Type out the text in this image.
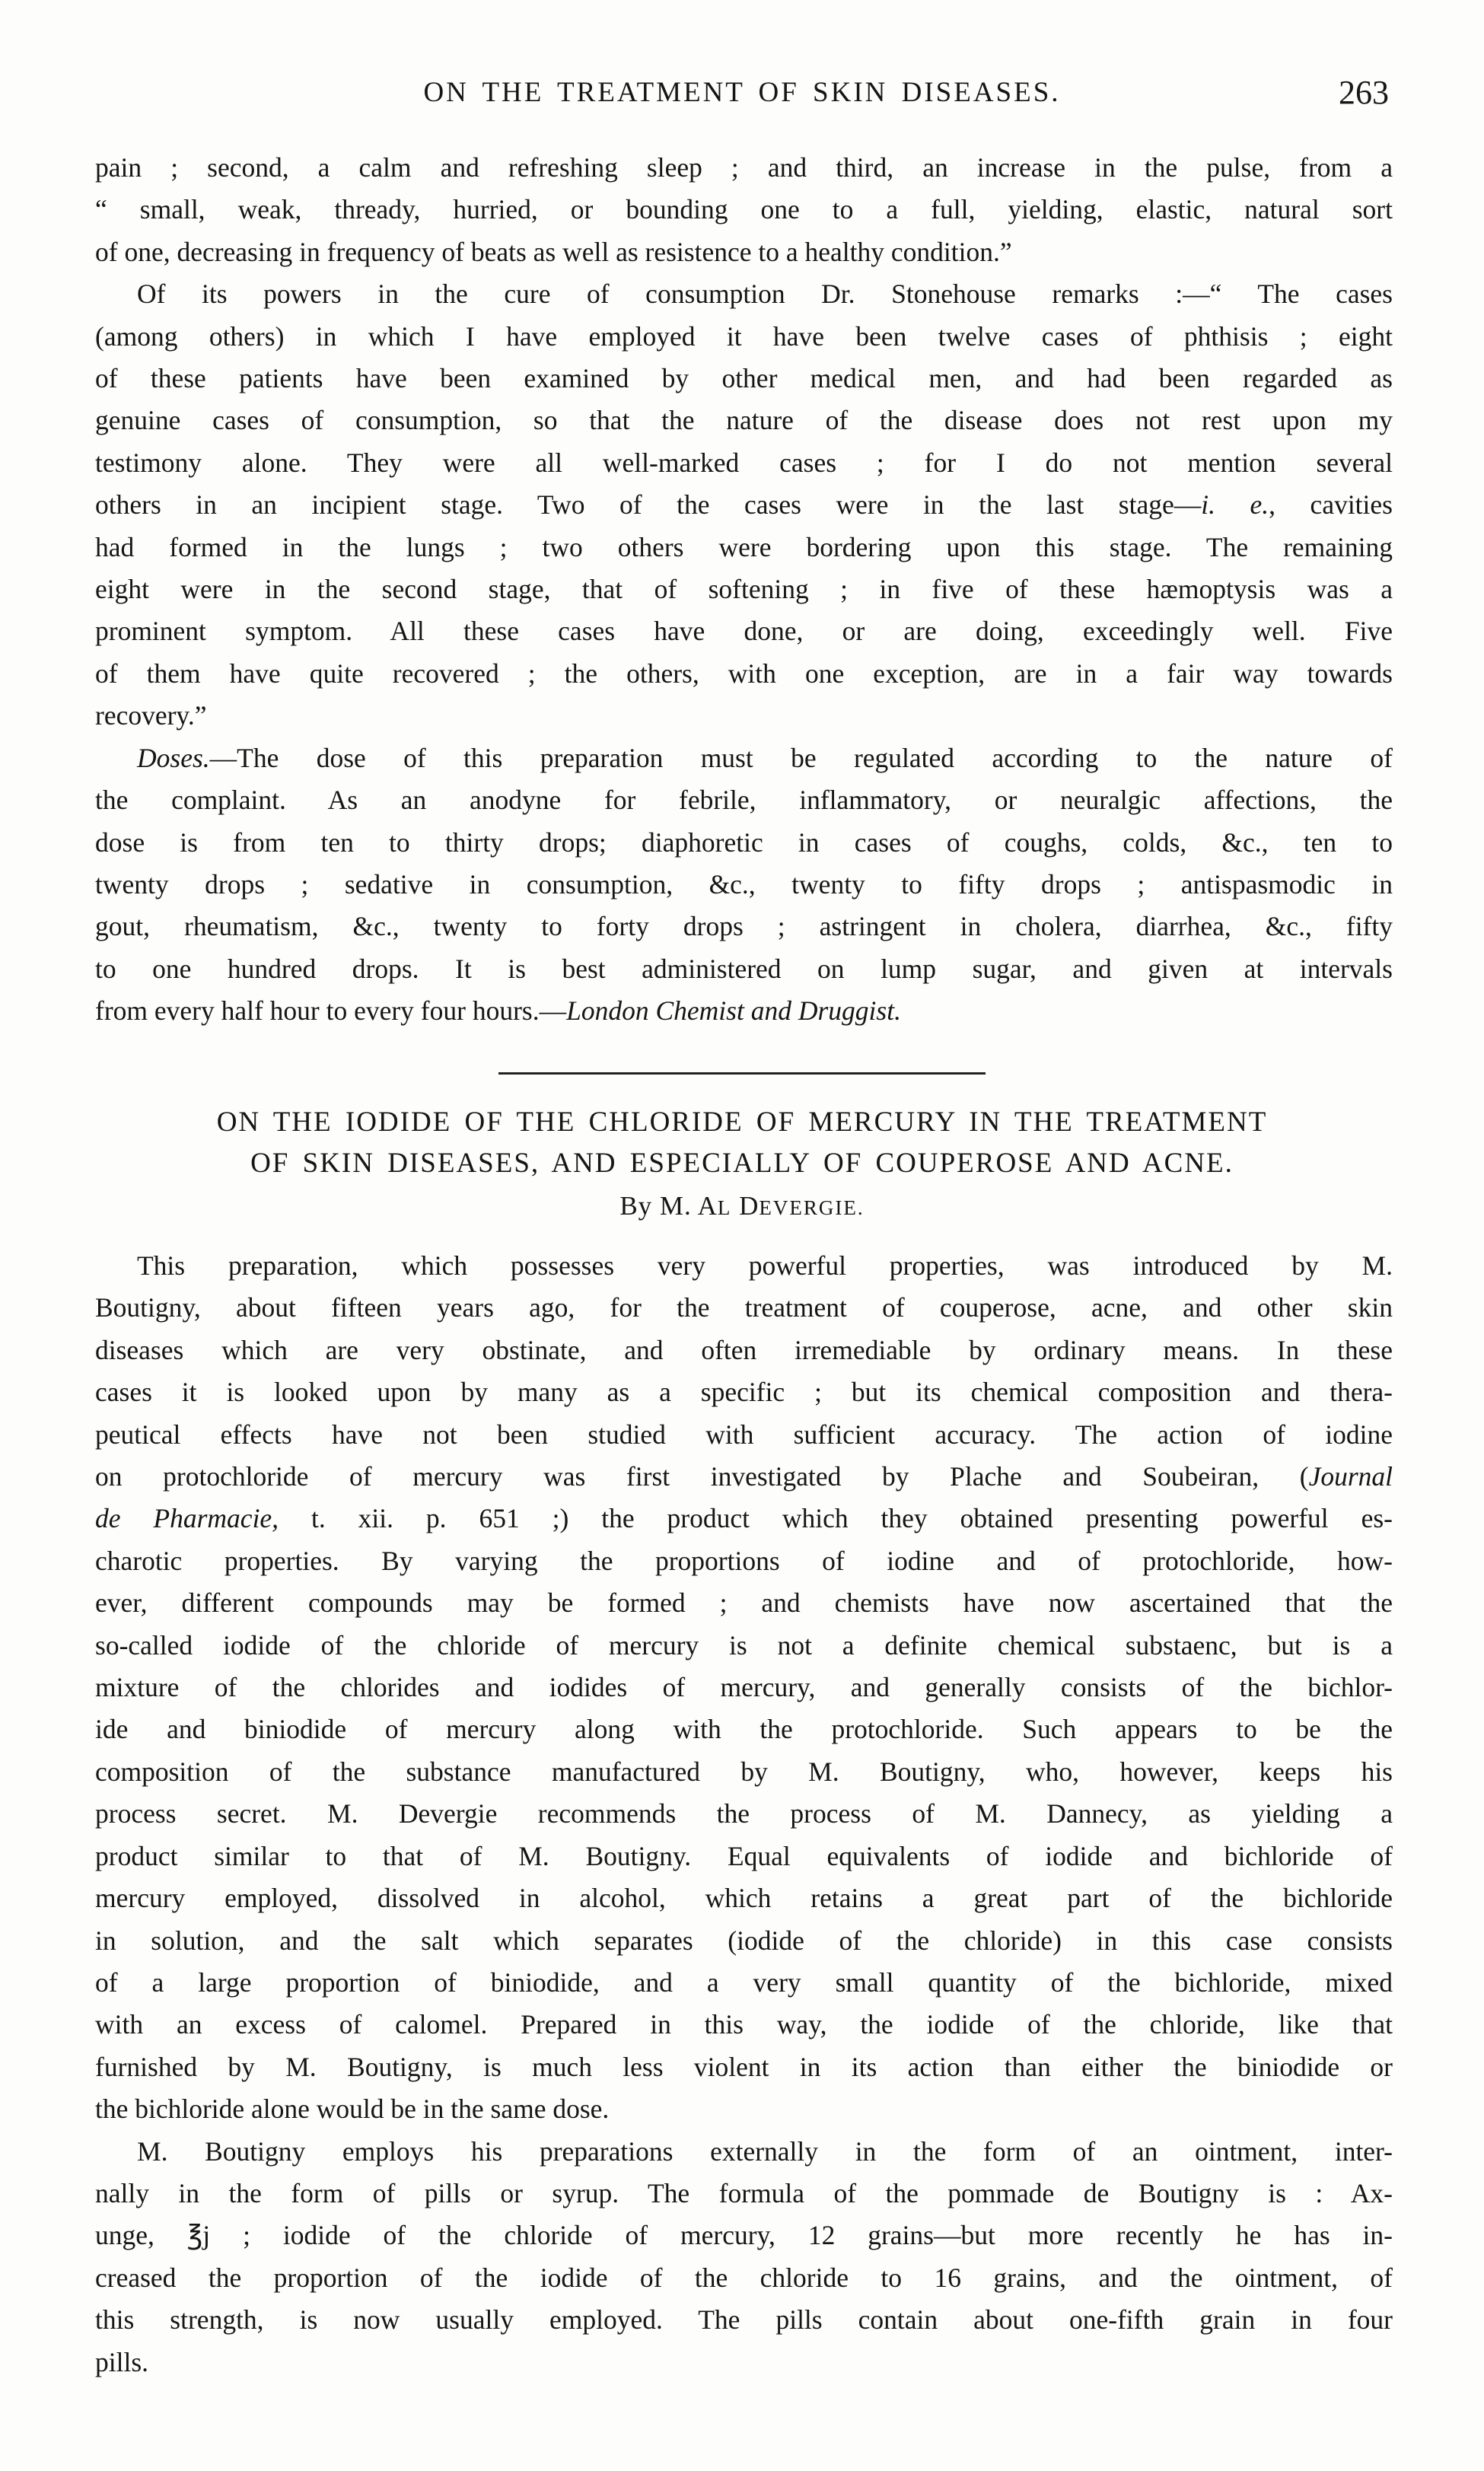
ON THE TREATMENT OF SKIN DISEASES.	263

pain ; second, a calm and refreshing sleep ; and third, an increase in the pulse, from a
“ small, weak, thready, hurried, or bounding one to a full, yielding, elastic, natural sort
of one, decreasing in frequency of beats as well as resistence to a healthy condition.”

Of its powers in the cure of consumption Dr. Stonehouse remarks :—“ The cases
(among others) in which I have employed it have been twelve cases of phthisis ; eight
of these patients have been examined by other medical men, and had been regarded as
genuine cases of consumption, so that the nature of the disease does not rest upon my
testimony alone. They were all well-marked cases ; for I do not mention several
others in an incipient stage. Two of the cases were in the last stage—i. e., cavities
had formed in the lungs ; two others were bordering upon this stage. The remaining
eight were in the second stage, that of softening ; in five of these hæmoptysis was a
prominent symptom. All these cases have done, or are doing, exceedingly well. Five
of them have quite recovered ; the others, with one exception, are in a fair way towards
recovery.”

Doses.—The dose of this preparation must be regulated according to the nature of
the complaint. As an anodyne for febrile, inflammatory, or neuralgic affections, the
dose is from ten to thirty drops; diaphoretic in cases of coughs, colds, &c., ten to
twenty drops ; sedative in consumption, &c., twenty to fifty drops ; antispasmodic in
gout, rheumatism, &c., twenty to forty drops ; astringent in cholera, diarrhea, &c., fifty
to one hundred drops. It is best administered on lump sugar, and given at intervals
from every half hour to every four hours.—London Chemist and Druggist.

ON THE IODIDE OF THE CHLORIDE OF MERCURY IN THE TREATMENT
OF SKIN DISEASES, AND ESPECIALLY OF COUPEROSE AND ACNE.
By M. AL DEVERGIE.

This preparation, which possesses very powerful properties, was introduced by M.
Boutigny, about fifteen years ago, for the treatment of couperose, acne, and other skin
diseases which are very obstinate, and often irremediable by ordinary means. In these
cases it is looked upon by many as a specific ; but its chemical composition and thera-
peutical effects have not been studied with sufficient accuracy. The action of iodine
on protochloride of mercury was first investigated by Plache and Soubeiran, (Journal
de Pharmacie, t. xii. p. 651 ;) the product which they obtained presenting powerful es-
charotic properties. By varying the proportions of iodine and of protochloride, how-
ever, different compounds may be formed ; and chemists have now ascertained that the
so-called iodide of the chloride of mercury is not a definite chemical substaenc, but is a
mixture of the chlorides and iodides of mercury, and generally consists of the bichlor-
ide and biniodide of mercury along with the protochloride. Such appears to be the
composition of the substance manufactured by M. Boutigny, who, however, keeps his
process secret. M. Devergie recommends the process of M. Dannecy, as yielding a
product similar to that of M. Boutigny. Equal equivalents of iodide and bichloride of
mercury employed, dissolved in alcohol, which retains a great part of the bichloride
in solution, and the salt which separates (iodide of the chloride) in this case consists
of a large proportion of biniodide, and a very small quantity of the bichloride, mixed
with an excess of calomel. Prepared in this way, the iodide of the chloride, like that
furnished by M. Boutigny, is much less violent in its action than either the biniodide or
the bichloride alone would be in the same dose.

M. Boutigny employs his preparations externally in the form of an ointment, inter-
nally in the form of pills or syrup. The formula of the pommade de Boutigny is : Ax-
unge, ℥j ; iodide of the chloride of mercury, 12 grains—but more recently he has in-
creased the proportion of the iodide of the chloride to 16 grains, and the ointment, of
this strength, is now usually employed. The pills contain about one-fifth grain in four
pills.
